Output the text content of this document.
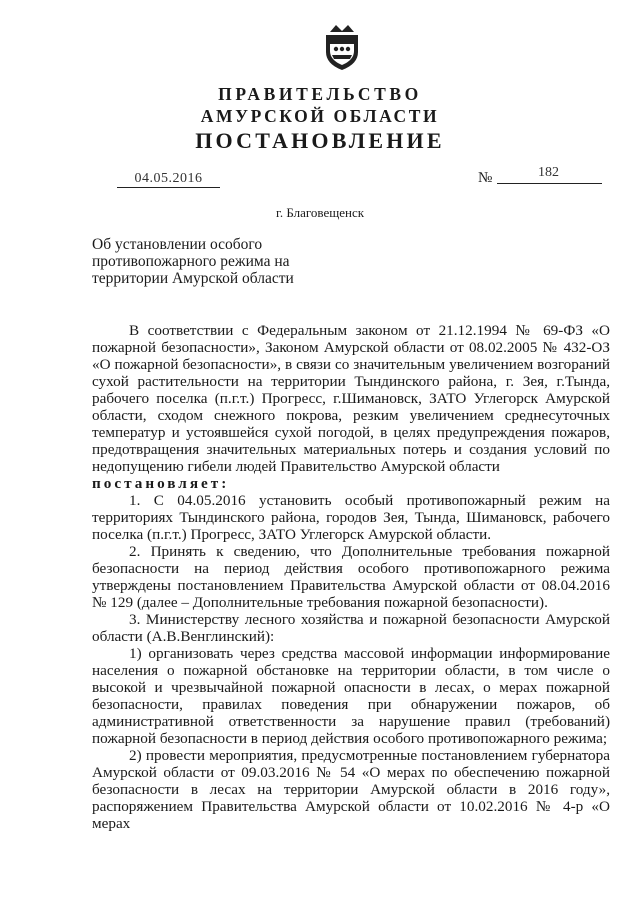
ПРАВИТЕЛЬСТВО
АМУРСКОЙ ОБЛАСТИ
ПОСТАНОВЛЕНИЕ
04.05.2016	№	182
г. Благовещенск
Об установлении особого
противопожарного режима на
территории Амурской области

В соответствии с Федеральным законом от 21.12.1994 № 69-ФЗ «О

пожарной безопасности», Законом Амурской области от 08.02.2005 № 432-ОЗ

«О пожарной безопасности», в связи со значительным увеличением возгораний

сухой растительности на территории Тындинского района, г. Зея, г.Тында,

рабочего поселка (п.г.т.) Прогресс, г.Шимановск, ЗАТО Углегорск Амурской

области, сходом снежного покрова, резким увеличением среднесуточных

температур и устоявшейся сухой погодой, в целях предупреждения пожаров,

предотвращения значительных материальных потерь и создания условий по

недопущению гибели людей Правительство Амурской области

постановляет:

1. С 04.05.2016 установить особый противопожарный режим на

территориях Тындинского района, городов Зея, Тында, Шимановск, рабочего

поселка (п.г.т.) Прогресс, ЗАТО Углегорск Амурской области.

2. Принять к сведению, что Дополнительные требования пожарной

безопасности на период действия особого противопожарного режима

утверждены постановлением Правительства Амурской области от 08.04.2016

№ 129 (далее – Дополнительные требования пожарной безопасности).

3. Министерству лесного хозяйства и пожарной безопасности Амурской

области (А.В.Венглинский):

1) организовать через средства массовой информации информирование

населения о пожарной обстановке на территории области, в том числе о

высокой и чрезвычайной пожарной опасности в лесах, о мерах пожарной

безопасности, правилах поведения при обнаружении пожаров, об

административной ответственности за нарушение правил (требований)

пожарной безопасности в период действия особого противопожарного режима;

2) провести мероприятия, предусмотренные постановлением губернатора

Амурской области от 09.03.2016 № 54 «О мерах по обеспечению пожарной

безопасности в лесах на территории Амурской области в 2016 году»,

распоряжением Правительства Амурской области от 10.02.2016 № 4-р «О мерах
